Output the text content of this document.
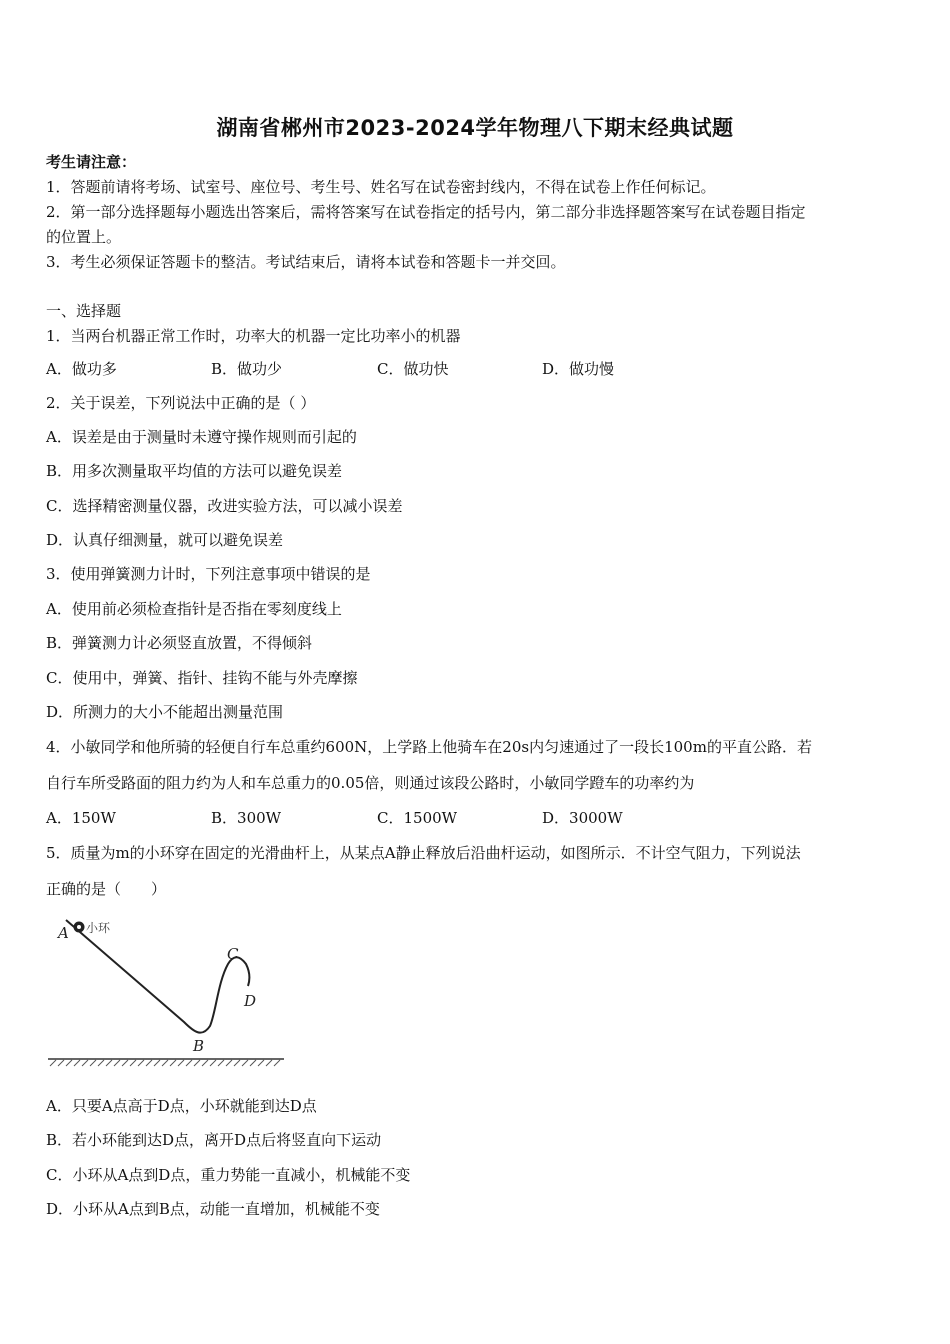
湖南省郴州市2023-2024学年物理八下期末经典试题
考生请注意：
1．答题前请将考场、试室号、座位号、考生号、姓名写在试卷密封线内，不得在试卷上作任何标记。
2．第一部分选择题每小题选出答案后，需将答案写在试卷指定的括号内，第二部分非选择题答案写在试卷题目指定
的位置上。
3．考生必须保证答题卡的整洁。考试结束后，请将本试卷和答题卡一并交回。
一、选择题
1．当两台机器正常工作时，功率大的机器一定比功率小的机器
A．做功多	B．做功少	C．做功快	D．做功慢
2．关于误差，下列说法中正确的是（ ）
A．误差是由于测量时未遵守操作规则而引起的
B．用多次测量取平均值的方法可以避免误差
C．选择精密测量仪器，改进实验方法，可以减小误差
D．认真仔细测量，就可以避免误差
3．使用弹簧测力计时，下列注意事项中错误的是
A．使用前必须检查指针是否指在零刻度线上
B．弹簧测力计必须竖直放置，不得倾斜
C．使用中，弹簧、指针、挂钩不能与外壳摩擦
D．所测力的大小不能超出测量范围
4．小敏同学和他所骑的轻便自行车总重约600N，上学路上他骑车在20s内匀速通过了一段长100m的平直公路．若
自行车所受路面的阻力约为人和车总重力的0.05倍，则通过该段公路时，小敏同学蹬车的功率约为
A．150W	B．300W	C．1500W	D．3000W
5．质量为m的小环穿在固定的光滑曲杆上，从某点A静止释放后沿曲杆运动，如图所示．不计空气阻力，下列说法
正确的是（　　）
A 小环
B
C
D
A．只要A点高于D点，小环就能到达D点
B．若小环能到达D点，离开D点后将竖直向下运动
C．小环从A点到D点，重力势能一直减小，机械能不变
D．小环从A点到B点，动能一直增加，机械能不变
